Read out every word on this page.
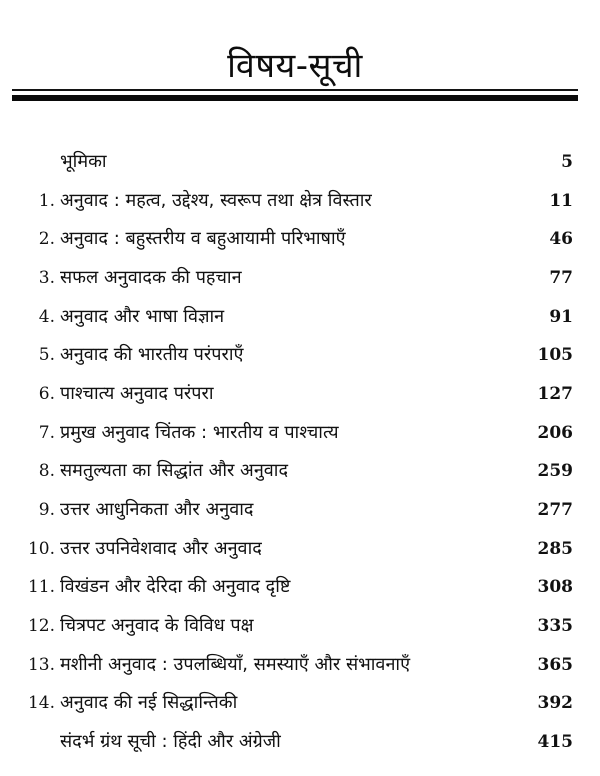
विषय-सूची
भूमिका	5
1. अनुवाद : महत्व, उद्देश्य, स्वरूप तथा क्षेत्र विस्तार	11
2. अनुवाद : बहुस्तरीय व बहुआयामी परिभाषाएँ	46
3. सफल अनुवादक की पहचान	77
4. अनुवाद और भाषा विज्ञान	91
5. अनुवाद की भारतीय परंपराएँ	105
6. पाश्चात्य अनुवाद परंपरा	127
7. प्रमुख अनुवाद चिंतक : भारतीय व पाश्चात्य	206
8. समतुल्यता का सिद्धांत और अनुवाद	259
9. उत्तर आधुनिकता और अनुवाद	277
10. उत्तर उपनिवेशवाद और अनुवाद	285
11. विखंडन और देरिदा की अनुवाद दृष्टि	308
12. चित्रपट अनुवाद के विविध पक्ष	335
13. मशीनी अनुवाद : उपलब्धियाँ, समस्याएँ और संभावनाएँ	365
14. अनुवाद की नई सिद्धान्तिकी	392
संदर्भ ग्रंथ सूची : हिंदी और अंग्रेजी	415
